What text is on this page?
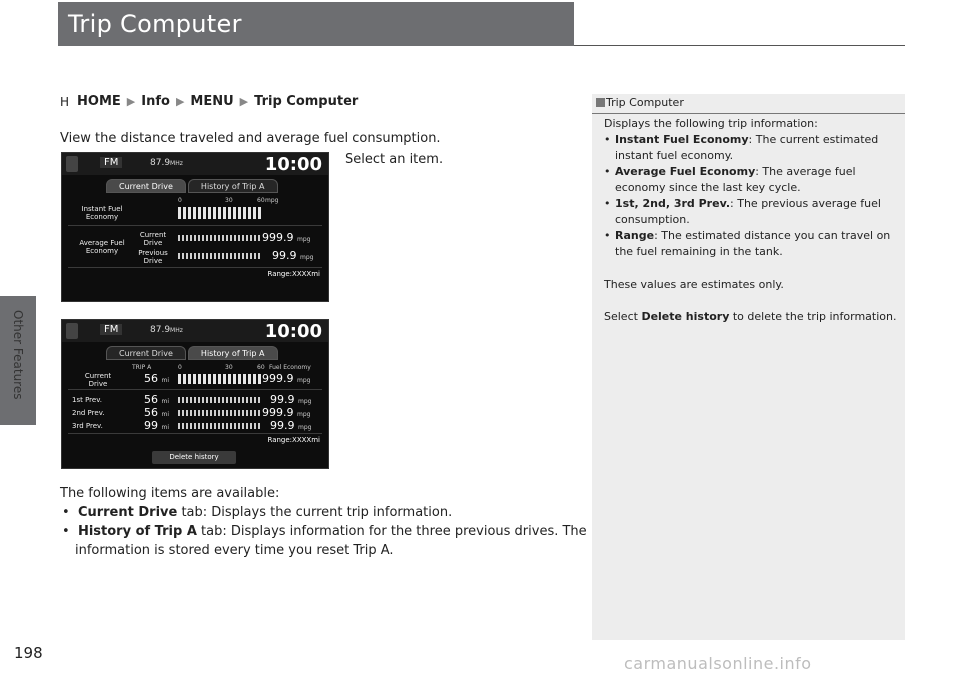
Other Features
198
Trip Computer
H HOME ▶ Info ▶ MENU ▶ Trip Computer
View the distance traveled and average fuel consumption.
Select an item.
FM	87.9MHz	10:00
Current Drive	History of Trip A
0	30	60 mpg
Instant Fuel Economy
Average Fuel Economy
Current Drive	999.9 mpg
Previous Drive	99.9 mpg
Range:XXXXmi
FM	87.9MHz	10:00
Current Drive	History of Trip A
TRIP A	0	30	60 Fuel Economy
Current Drive	56 mi	999.9 mpg
1st Prev.	56 mi	99.9 mpg
2nd Prev.	56 mi	999.9 mpg
3rd Prev.	99 mi	99.9 mpg
Range:XXXXmi
Delete history
The following items are available:
•  Current Drive tab: Displays the current trip information.
•  History of Trip A tab: Displays information for the three previous drives. The
information is stored every time you reset Trip A.
Trip Computer
Displays the following trip information:
• Instant Fuel Economy: The current estimated instant fuel economy.
• Average Fuel Economy: The average fuel economy since the last key cycle.
• 1st, 2nd, 3rd Prev.: The previous average fuel consumption.
• Range: The estimated distance you can travel on the fuel remaining in the tank.
These values are estimates only.
Select Delete history to delete the trip information.
carmanualsonline.info
